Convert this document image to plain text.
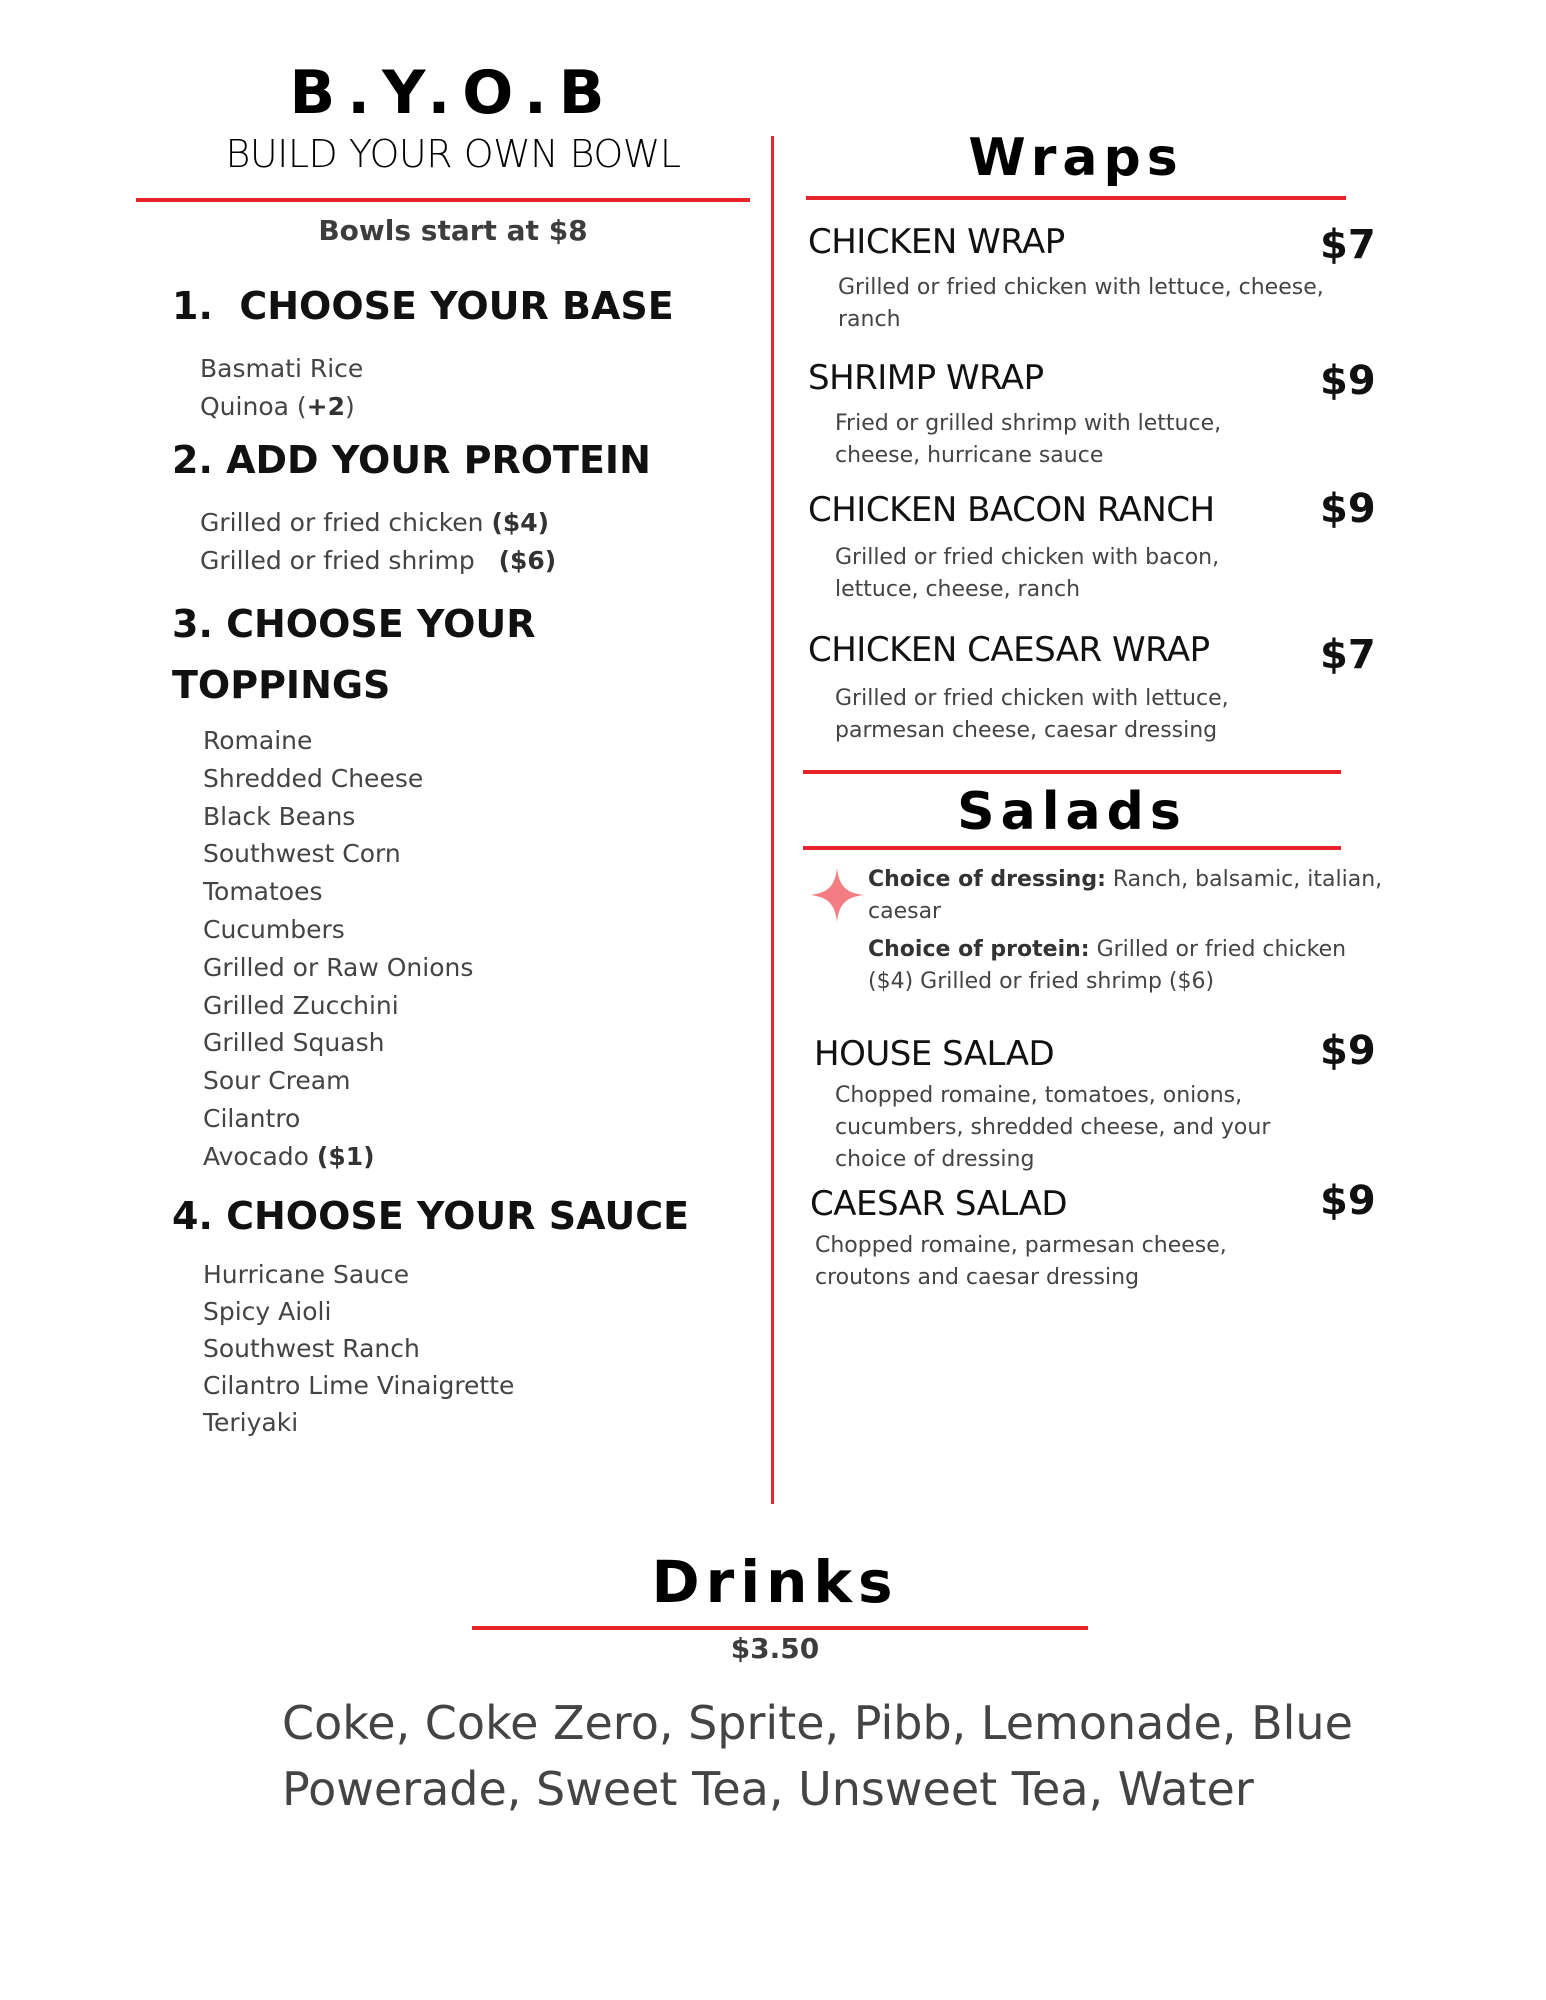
B.Y.O.B
BUILD YOUR OWN BOWL
Bowls start at $8
1.  CHOOSE YOUR BASE
Basmati Rice
Quinoa (+2)
2. ADD YOUR PROTEIN
Grilled or fried chicken ($4)
Grilled or fried shrimp   ($6)
3. CHOOSE YOUR TOPPINGS
Romaine
Shredded Cheese
Black Beans
Southwest Corn
Tomatoes
Cucumbers
Grilled or Raw Onions
Grilled Zucchini
Grilled Squash
Sour Cream
Cilantro
Avocado ($1)
4. CHOOSE YOUR SAUCE
Hurricane Sauce
Spicy Aioli
Southwest Ranch
Cilantro Lime Vinaigrette
Teriyaki
Wraps
CHICKEN WRAP	$7
Grilled or fried chicken with lettuce, cheese, ranch
SHRIMP WRAP	$9
Fried or grilled shrimp with lettuce, cheese, hurricane sauce
CHICKEN BACON RANCH	$9
Grilled or fried chicken with bacon, lettuce, cheese, ranch
CHICKEN CAESAR WRAP	$7
Grilled or fried chicken with lettuce, parmesan cheese, caesar dressing
Salads
Choice of dressing: Ranch, balsamic, italian, caesar
Choice of protein: Grilled or fried chicken ($4) Grilled or fried shrimp ($6)
HOUSE SALAD	$9
Chopped romaine, tomatoes, onions, cucumbers, shredded cheese, and your choice of dressing
CAESAR SALAD	$9
Chopped romaine, parmesan cheese, croutons and caesar dressing
Drinks
$3.50
Coke, Coke Zero, Sprite, Pibb, Lemonade, Blue Powerade, Sweet Tea, Unsweet Tea, Water
